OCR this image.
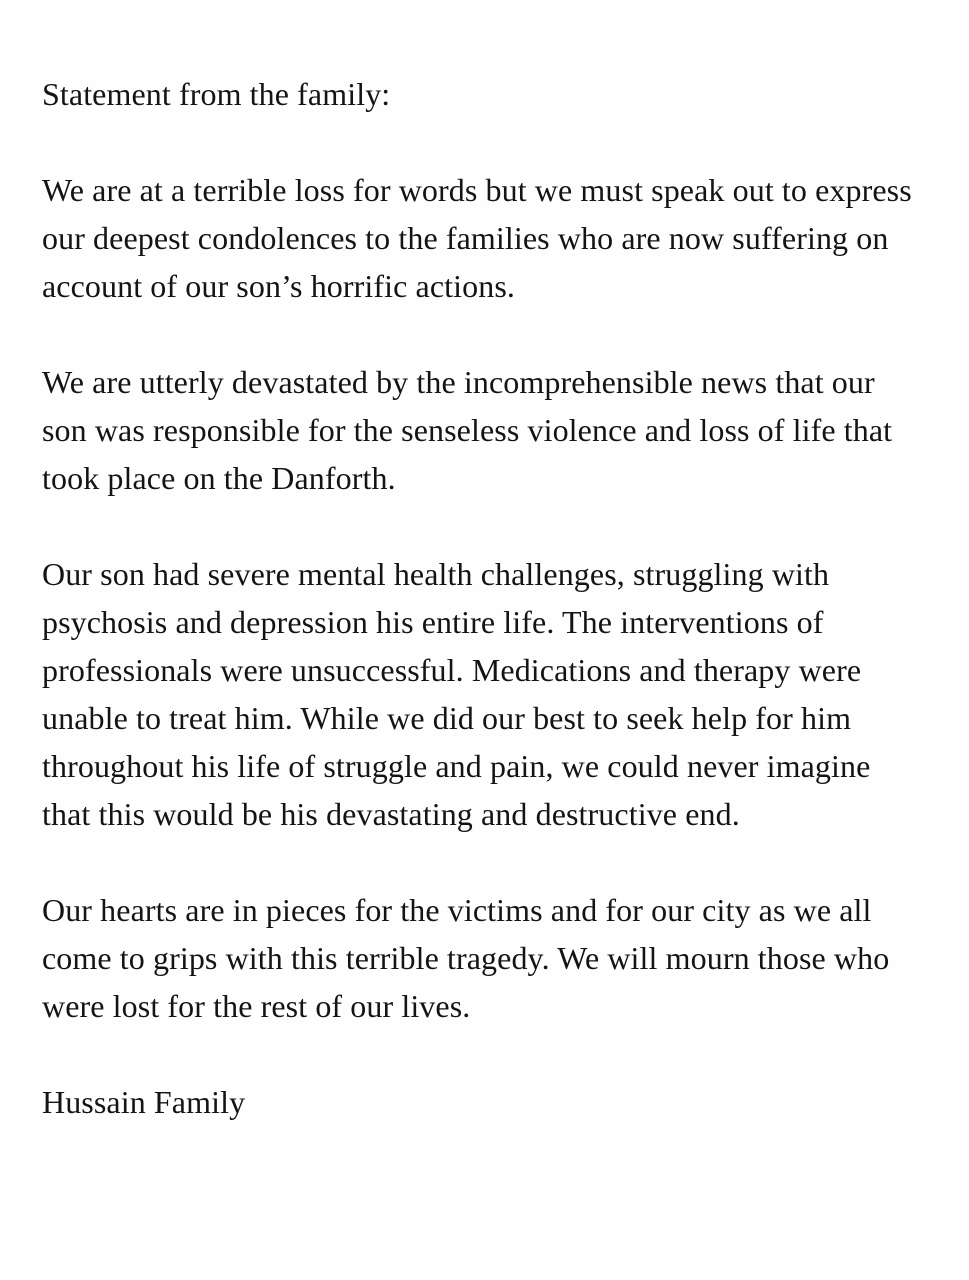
Statement from the family:

We are at a terrible loss for words but we must speak out to express our deepest condolences to the families who are now suffering on account of our son’s horrific actions.

We are utterly devastated by the incomprehensible news that our son was responsible for the senseless violence and loss of life that took place on the Danforth.

Our son had severe mental health challenges, struggling with psychosis and depression his entire life. The interventions of professionals were unsuccessful. Medications and therapy were unable to treat him. While we did our best to seek help for him throughout his life of struggle and pain, we could never imagine that this would be his devastating and destructive end.

Our hearts are in pieces for the victims and for our city as we all come to grips with this terrible tragedy. We will mourn those who were lost for the rest of our lives.

Hussain Family
